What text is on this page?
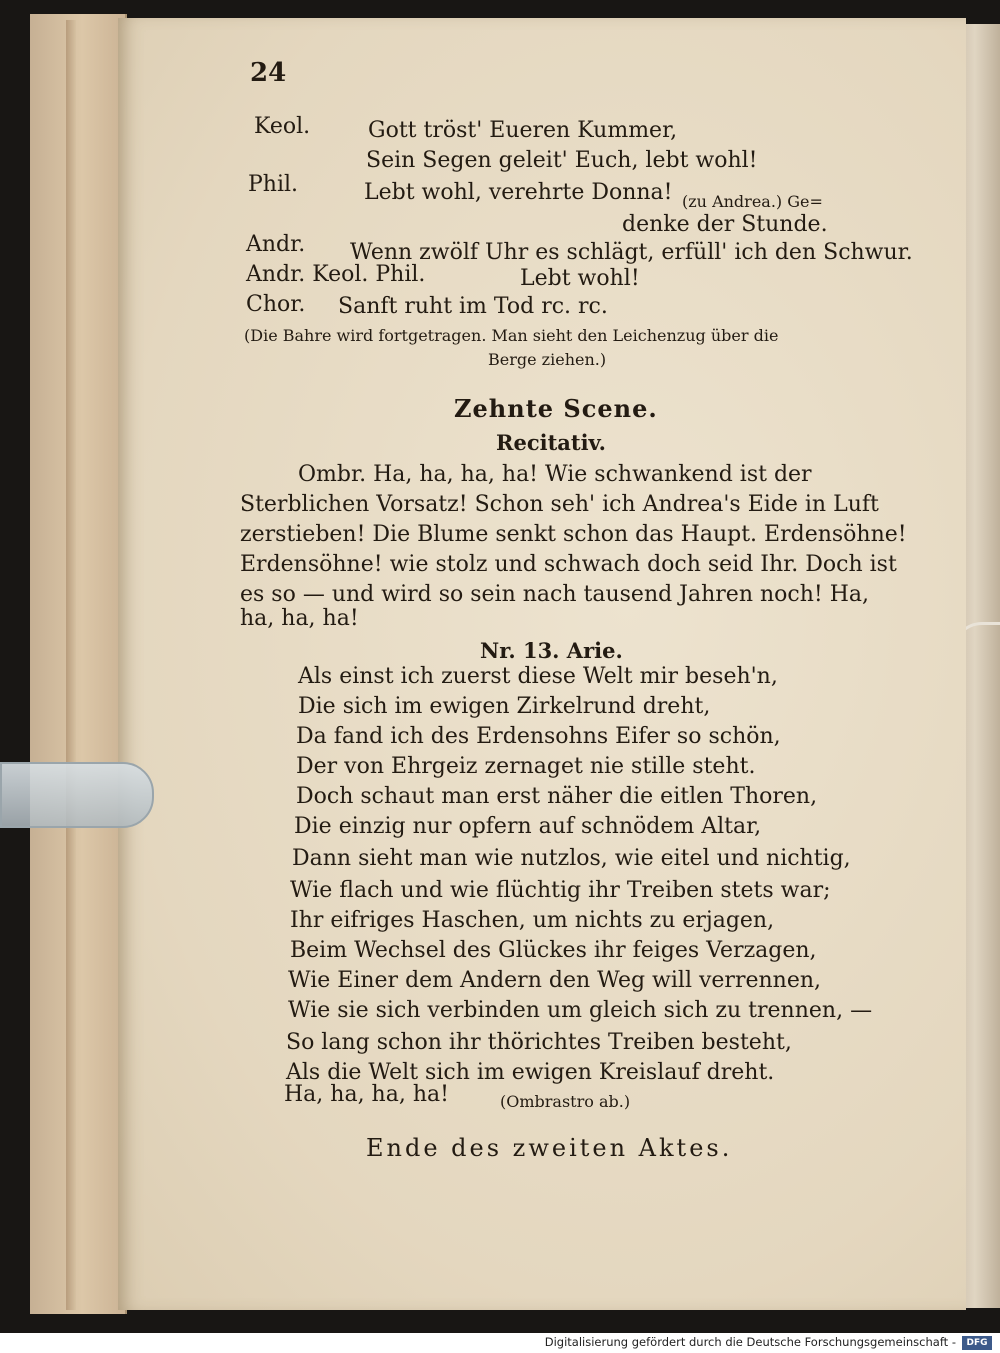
24
Keol.	Gott tröst' Eueren Kummer,
Sein Segen geleit' Euch, lebt wohl!
Phil.	Lebt wohl, verehrte Donna! (zu Andrea.) Ge=
denke der Stunde.
Andr. Wenn zwölf Uhr es schlägt, erfüll' ich den Schwur.
Andr. Keol. Phil.	Lebt wohl!
Chor. Sanft ruht im Tod rc. rc.
(Die Bahre wird fortgetragen. Man sieht den Leichenzug über die
Berge ziehen.)
Zehnte Scene.
Recitativ.
Ombr. Ha, ha, ha, ha! Wie schwankend ist der
Sterblichen Vorsatz! Schon seh' ich Andrea's Eide in Luft
zerstieben! Die Blume senkt schon das Haupt. Erdensöhne!
Erdensöhne! wie stolz und schwach doch seid Ihr. Doch ist
es so — und wird so sein nach tausend Jahren noch! Ha,
ha, ha, ha!
Nr. 13. Arie.
Als einst ich zuerst diese Welt mir beseh'n,
Die sich im ewigen Zirkelrund dreht,
Da fand ich des Erdensohns Eifer so schön,
Der von Ehrgeiz zernaget nie stille steht.
Doch schaut man erst näher die eitlen Thoren,
Die einzig nur opfern auf schnödem Altar,
Dann sieht man wie nutzlos, wie eitel und nichtig,
Wie flach und wie flüchtig ihr Treiben stets war;
Ihr eifriges Haschen, um nichts zu erjagen,
Beim Wechsel des Glückes ihr feiges Verzagen,
Wie Einer dem Andern den Weg will verrennen,
Wie sie sich verbinden um gleich sich zu trennen, —
So lang schon ihr thörichtes Treiben besteht,
Als die Welt sich im ewigen Kreislauf dreht.
Ha, ha, ha, ha!	(Ombrastro ab.)
Ende des zweiten Aktes.
Digitalisierung gefördert durch die Deutsche Forschungsgemeinschaft -	DFG
